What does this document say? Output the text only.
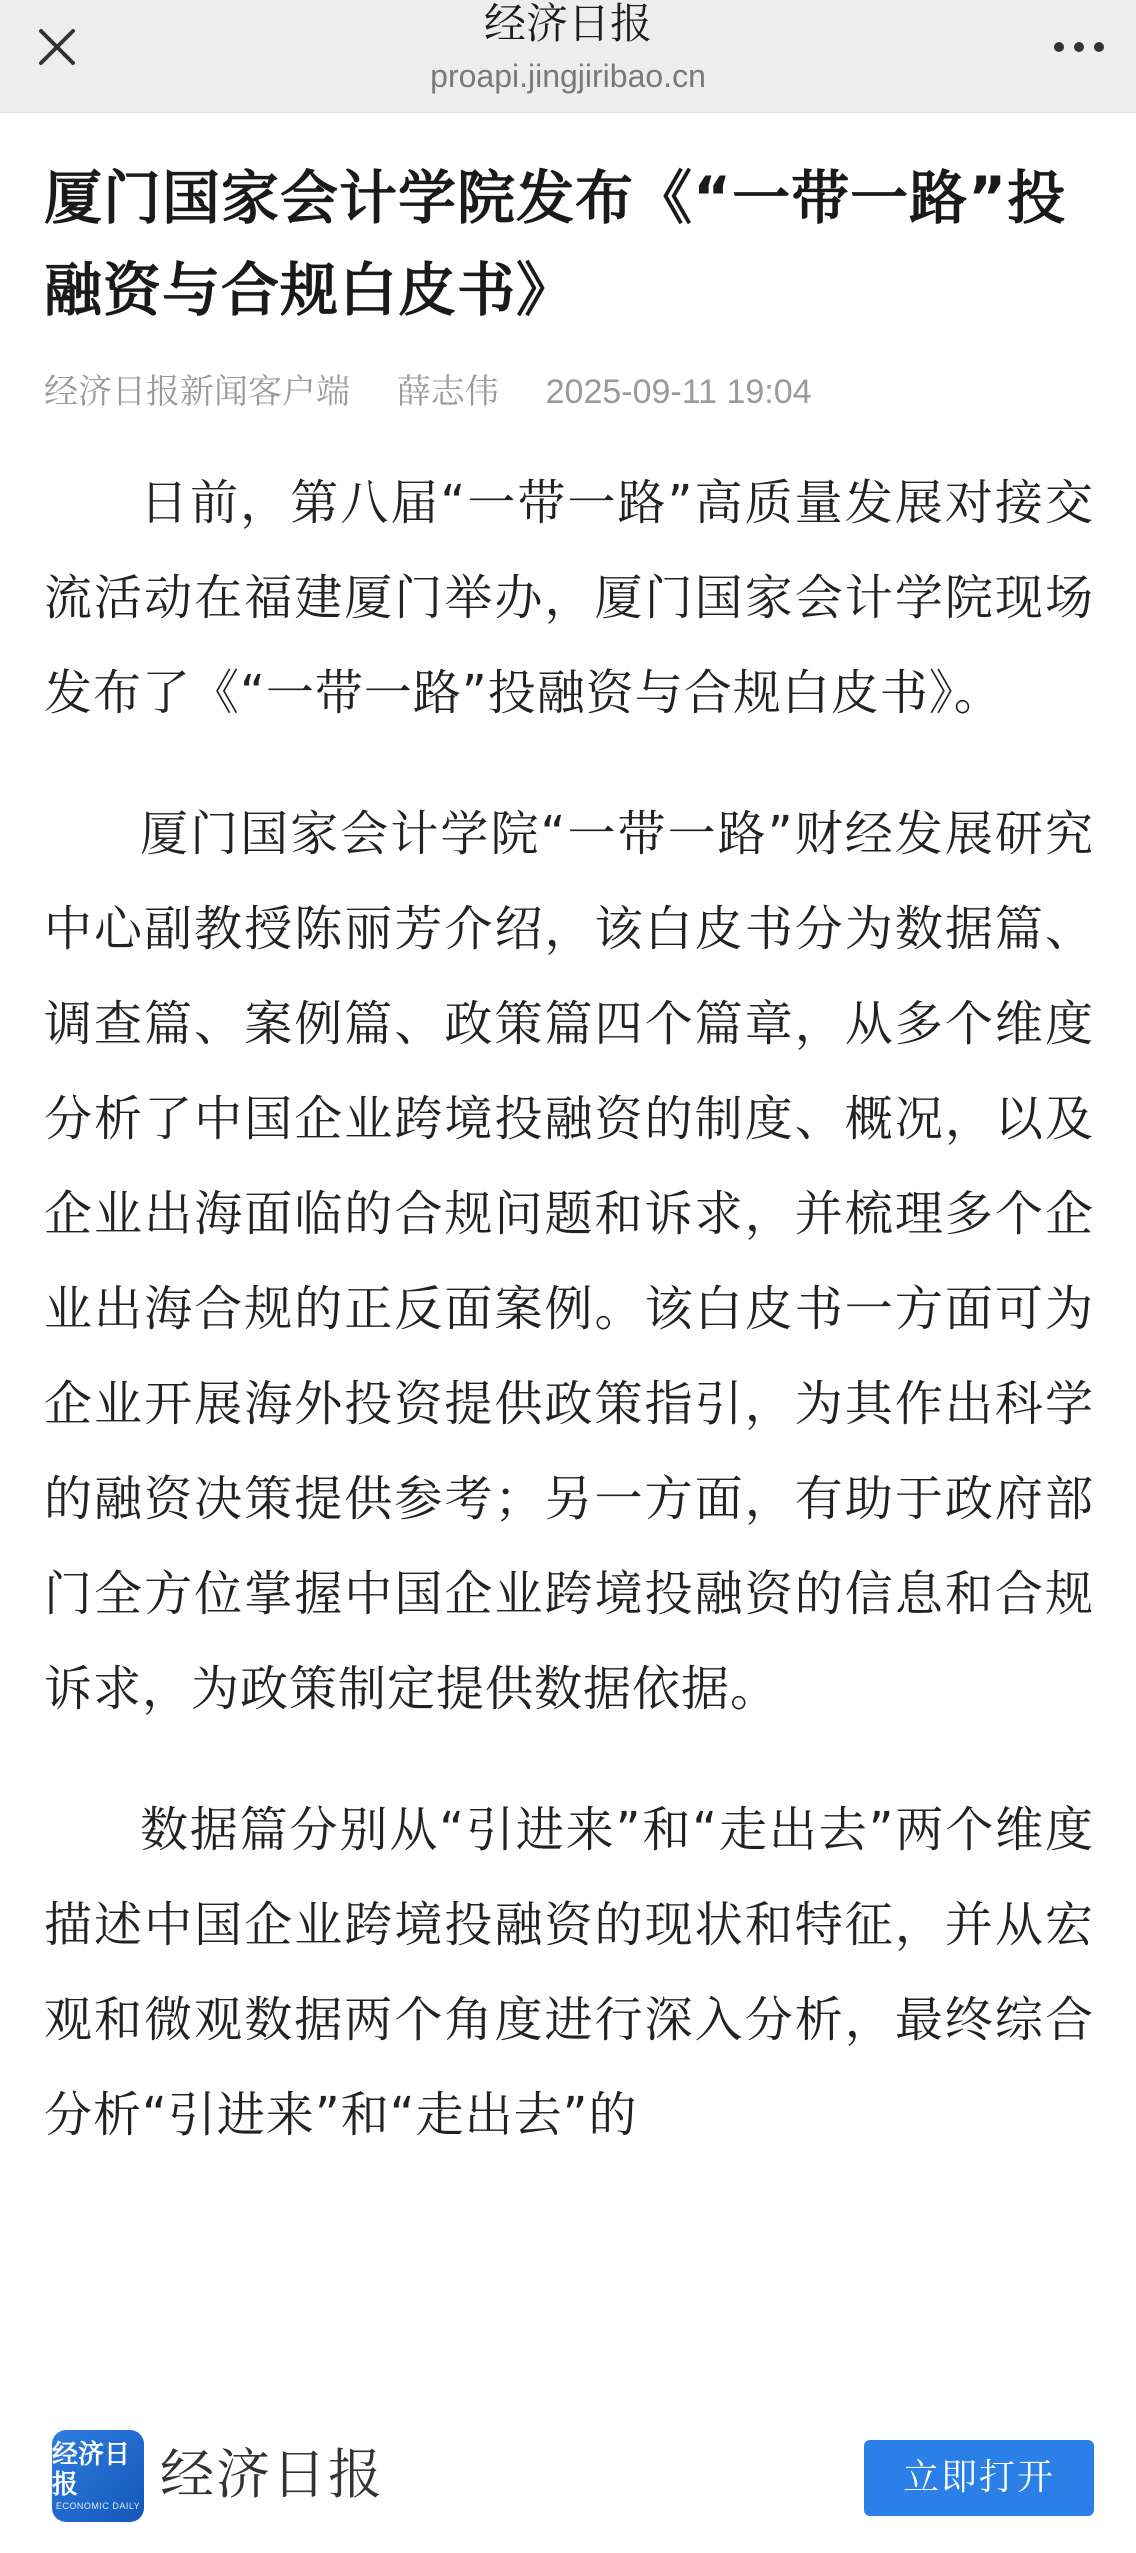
经济日报
proapi.jingjiribao.cn
厦门国家会计学院发布《“一带一路”投融资与合规白皮书》
经济日报新闻客户端 薛志伟 2025-09-11 19:04

日前，第八届“一带一路”高质量发展对接交流活动在福建厦门举办，厦门国家会计学院现场发布了《“一带一路”投融资与合规白皮书》。

厦门国家会计学院“一带一路”财经发展研究中心副教授陈丽芳介绍，该白皮书分为数据篇、调查篇、案例篇、政策篇四个篇章，从多个维度分析了中国企业跨境投融资的制度、概况，以及企业出海面临的合规问题和诉求，并梳理多个企业出海合规的正反面案例。该白皮书一方面可为企业开展海外投资提供政策指引，为其作出科学的融资决策提供参考；另一方面，有助于政府部门全方位掌握中国企业跨境投融资的信息和合规诉求，为政策制定提供数据依据。

数据篇分别从“引进来”和“走出去”两个维度描述中国企业跨境投融资的现状和特征，并从宏观和微观数据两个角度进行深入分析，最终综合分析“引进来”和“走出去”的

经济日报
ECONOMIC DAILY 经济日报	立即打开
